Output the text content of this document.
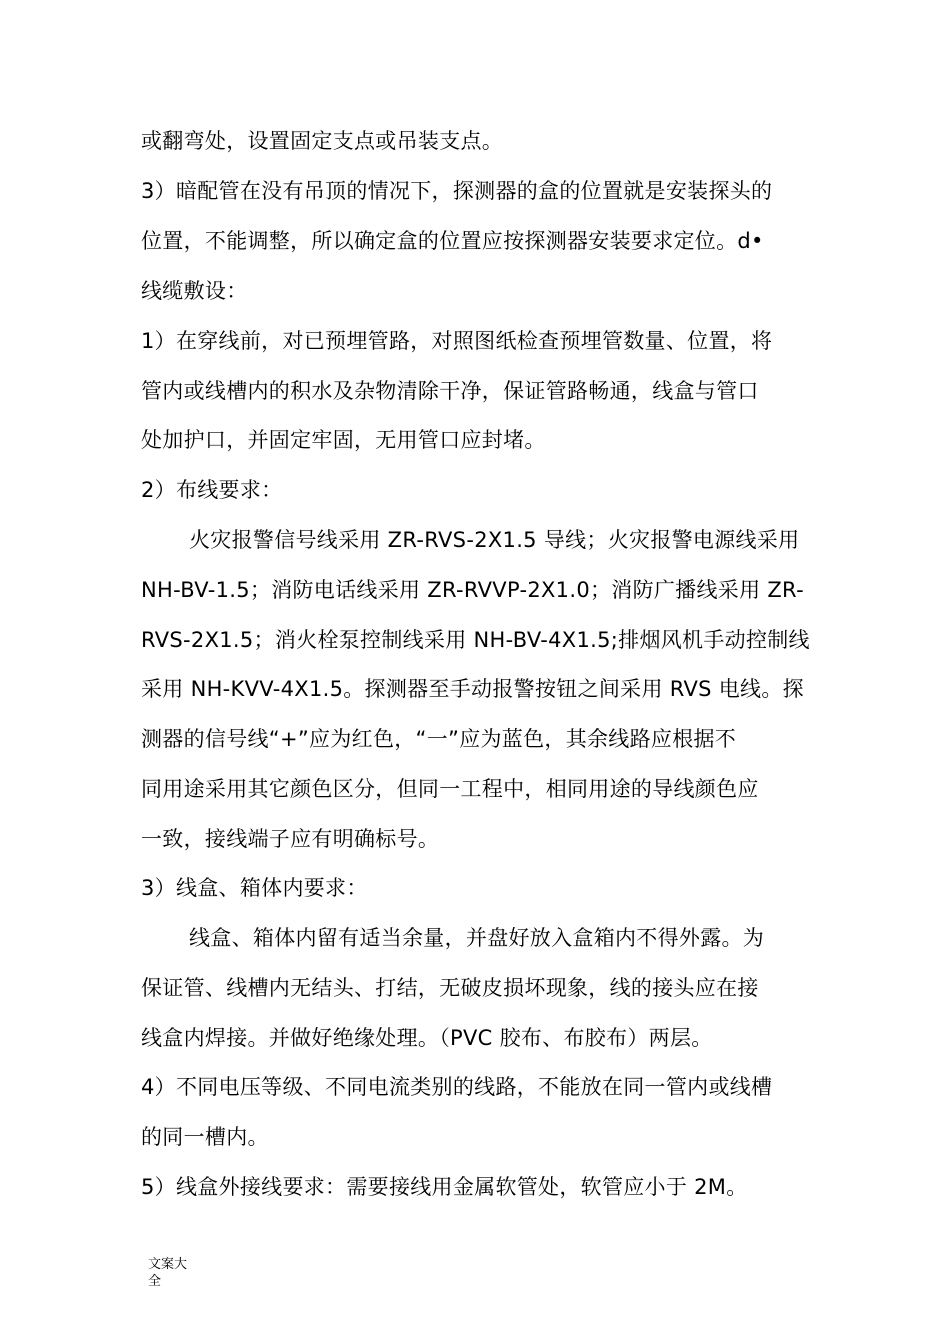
或翻弯处，设置固定支点或吊装支点。
3）暗配管在没有吊顶的情况下，探测器的盒的位置就是安装探头的
位置，不能调整，所以确定盒的位置应按探测器安装要求定位。d•
线缆敷设：
1）在穿线前，对已预埋管路，对照图纸检查预埋管数量、位置，将
管内或线槽内的积水及杂物清除干净，保证管路畅通，线盒与管口
处加护口，并固定牢固，无用管口应封堵。
2）布线要求：
火灾报警信号线采用 ZR-RVS-2X1.5 导线；火灾报警电源线采用
NH-BV-1.5；消防电话线采用 ZR-RVVP-2X1.0；消防广播线采用 ZR-
RVS-2X1.5；消火栓泵控制线采用 NH-BV-4X1.5;排烟风机手动控制线
采用 NH-KVV-4X1.5。探测器至手动报警按钮之间采用 RVS 电线。探
测器的信号线“+”应为红色，“一”应为蓝色，其余线路应根据不
同用途采用其它颜色区分，但同一工程中，相同用途的导线颜色应
一致，接线端子应有明确标号。
3）线盒、箱体内要求：
线盒、箱体内留有适当余量，并盘好放入盒箱内不得外露。为
保证管、线槽内无结头、打结，无破皮损坏现象，线的接头应在接
线盒内焊接。并做好绝缘处理。（PVC 胶布、布胶布）两层。
4）不同电压等级、不同电流类别的线路，不能放在同一管内或线槽
的同一槽内。
5）线盒外接线要求：需要接线用金属软管处，软管应小于 2M。
文案大全
